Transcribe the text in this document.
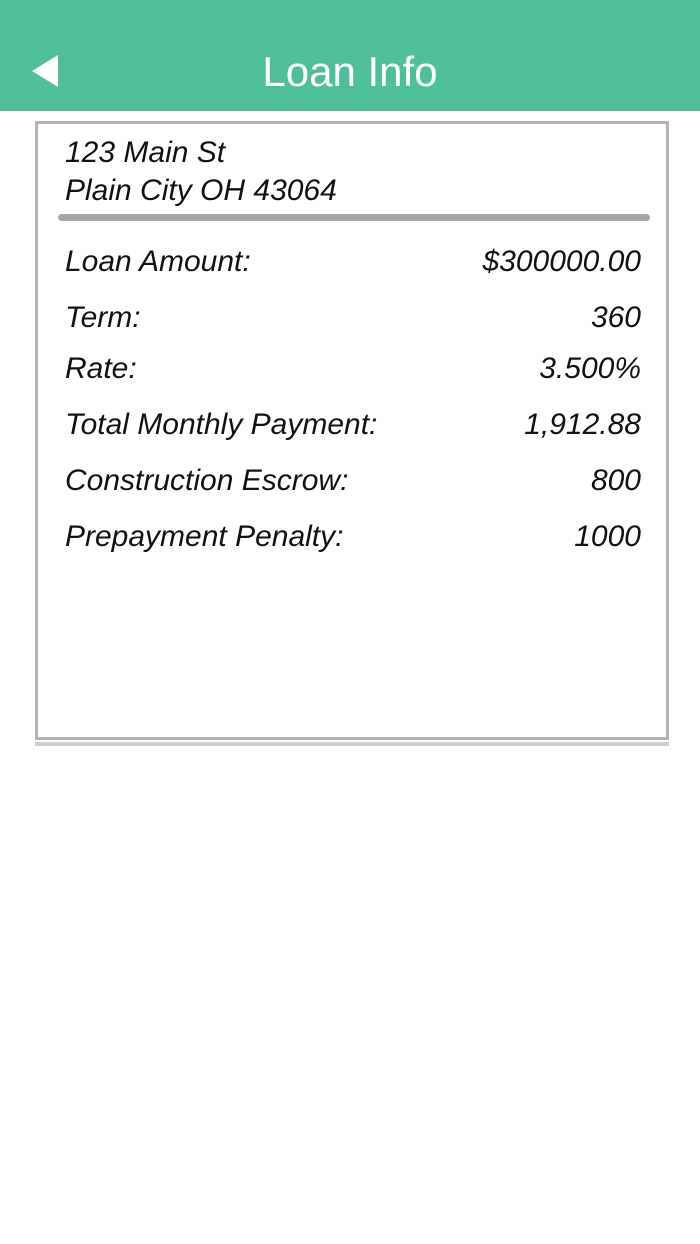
Loan Info
123 Main St
Plain City OH 43064
Loan Amount:	$300000.00
Term:	360
Rate:	3.500%
Total Monthly Payment:	1,912.88
Construction Escrow:	800
Prepayment Penalty:	1000
